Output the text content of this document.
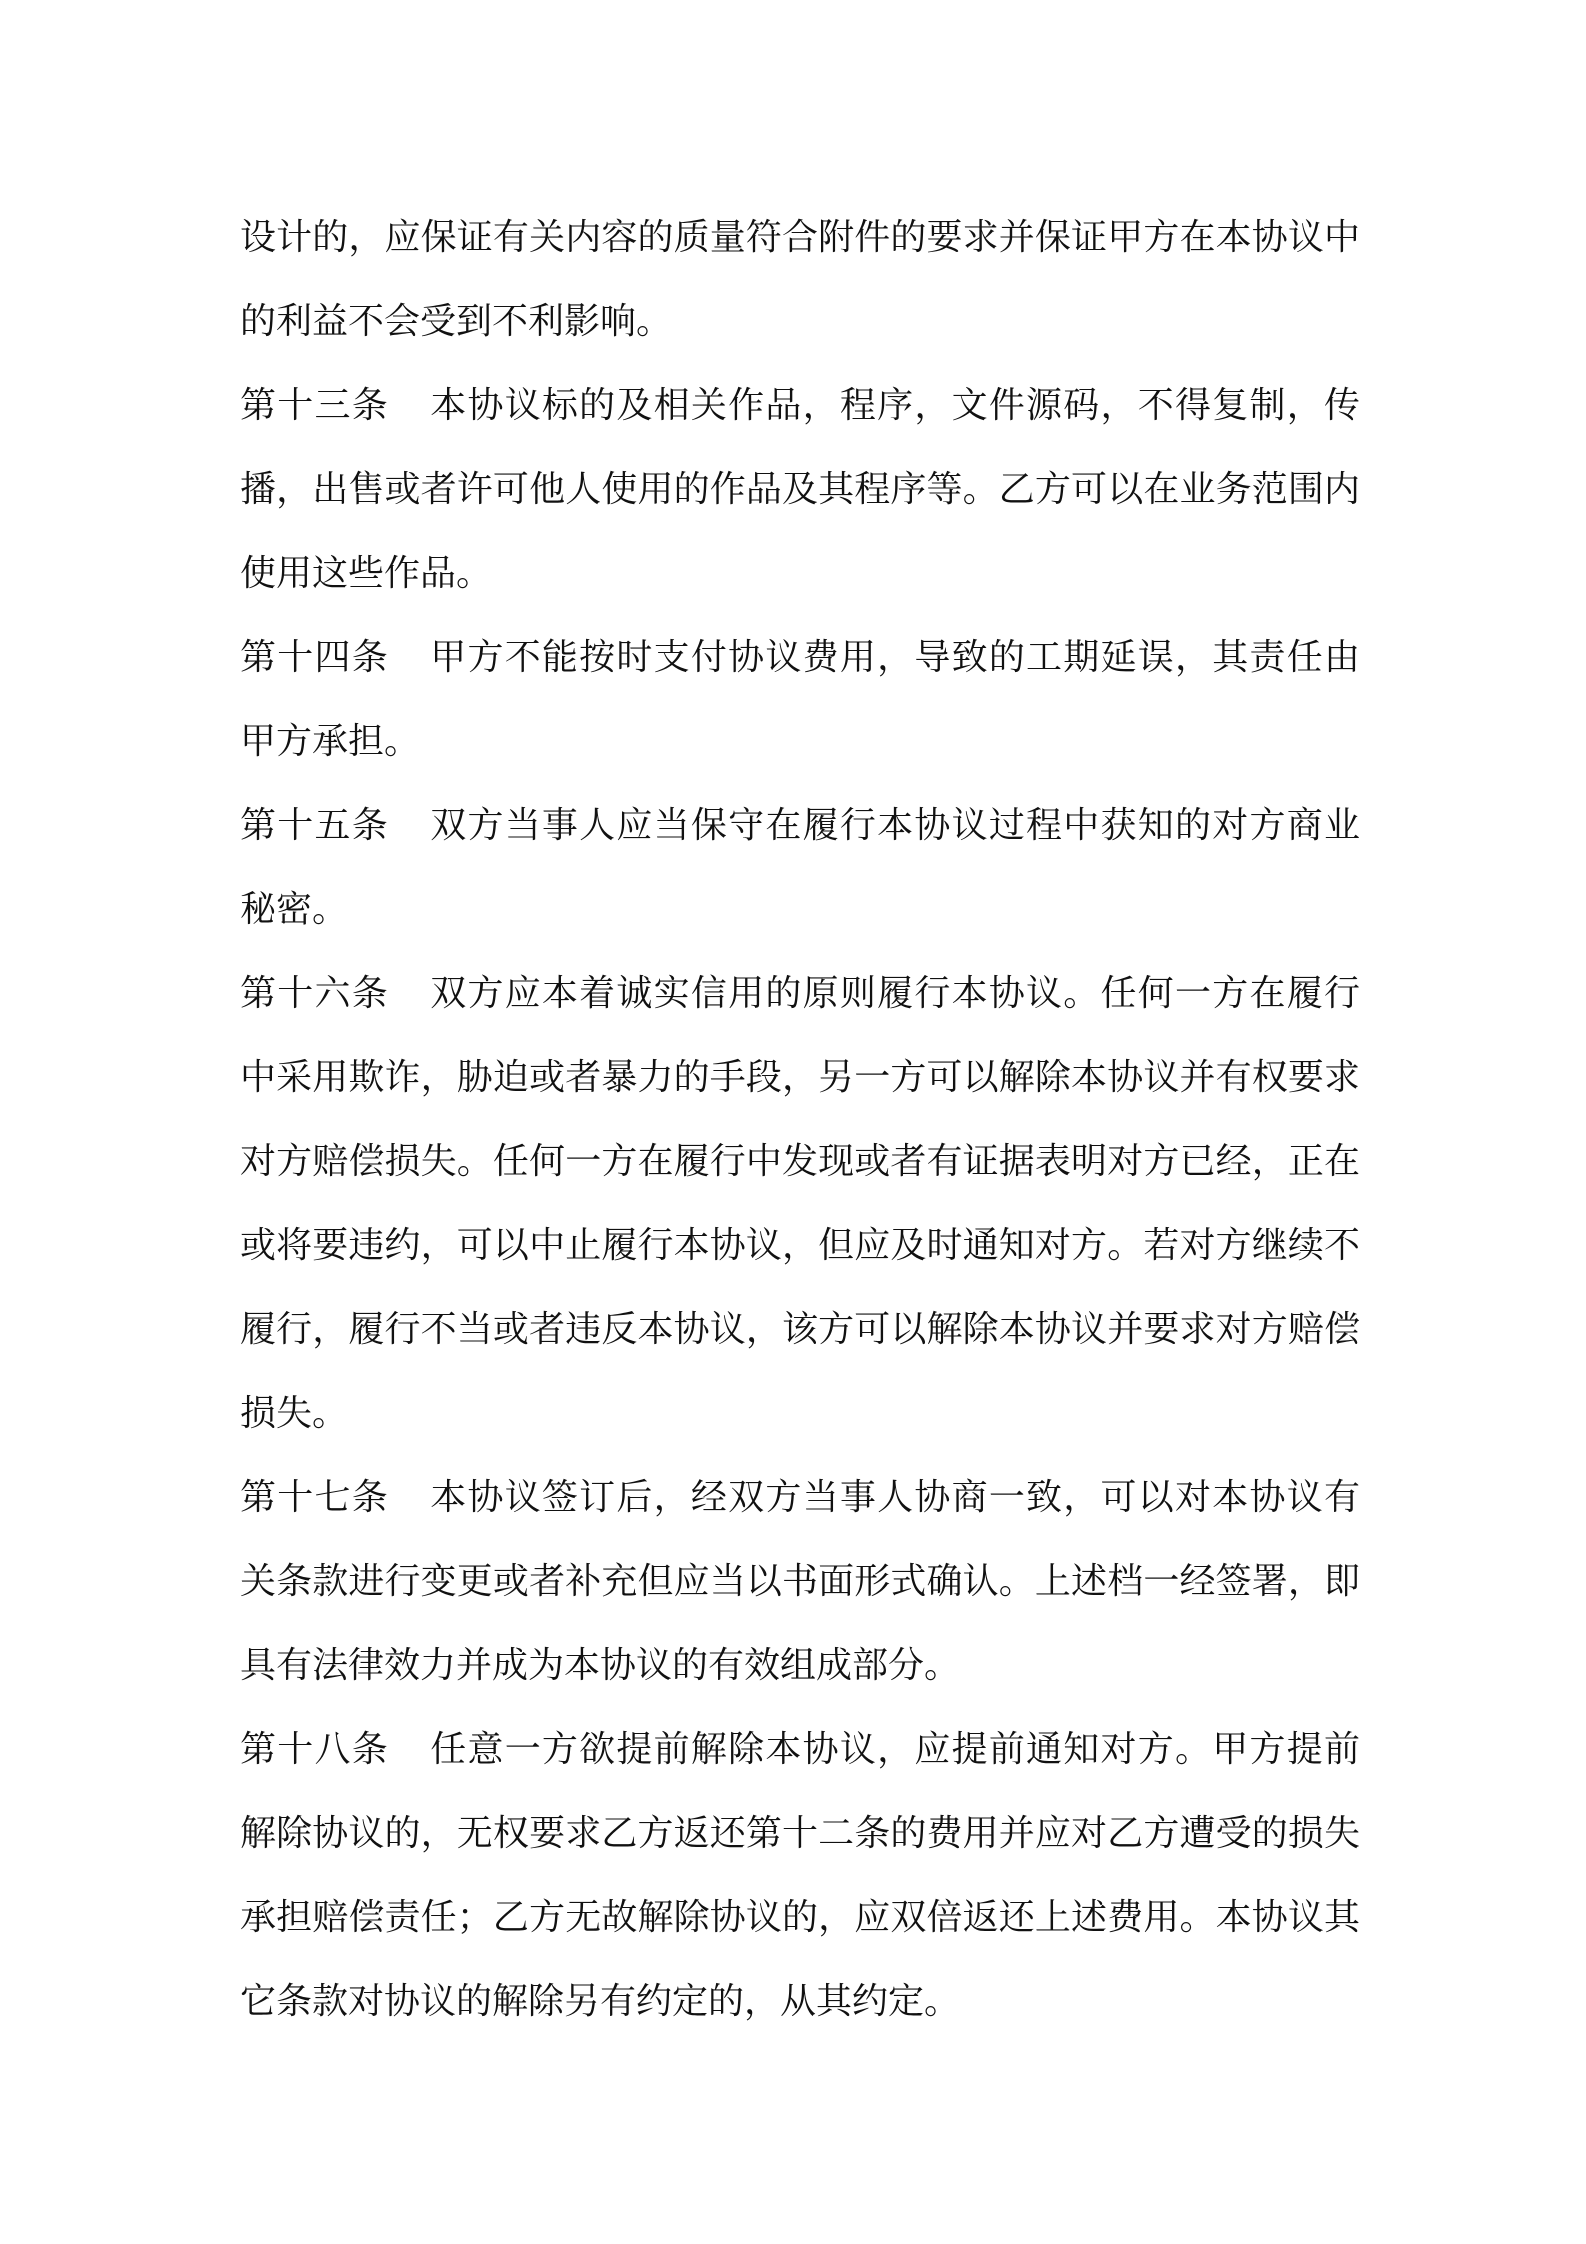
设计的，应保证有关内容的质量符合附件的要求并保证甲方在本协议中的利益不会受到不利影响。

第十三条 本协议标的及相关作品，程序，文件源码，不得复制，传播，出售或者许可他人使用的作品及其程序等。乙方可以在业务范围内使用这些作品。

第十四条 甲方不能按时支付协议费用，导致的工期延误，其责任由甲方承担。

第十五条 双方当事人应当保守在履行本协议过程中获知的对方商业秘密。

第十六条 双方应本着诚实信用的原则履行本协议。任何一方在履行中采用欺诈，胁迫或者暴力的手段，另一方可以解除本协议并有权要求对方赔偿损失。任何一方在履行中发现或者有证据表明对方已经，正在或将要违约，可以中止履行本协议，但应及时通知对方。若对方继续不履行，履行不当或者违反本协议，该方可以解除本协议并要求对方赔偿损失。

第十七条 本协议签订后，经双方当事人协商一致，可以对本协议有关条款进行变更或者补充但应当以书面形式确认。上述档一经签署，即具有法律效力并成为本协议的有效组成部分。

第十八条 任意一方欲提前解除本协议，应提前通知对方。甲方提前解除协议的，无权要求乙方返还第十二条的费用并应对乙方遭受的损失承担赔偿责任；乙方无故解除协议的，应双倍返还上述费用。本协议其它条款对协议的解除另有约定的，从其约定。
